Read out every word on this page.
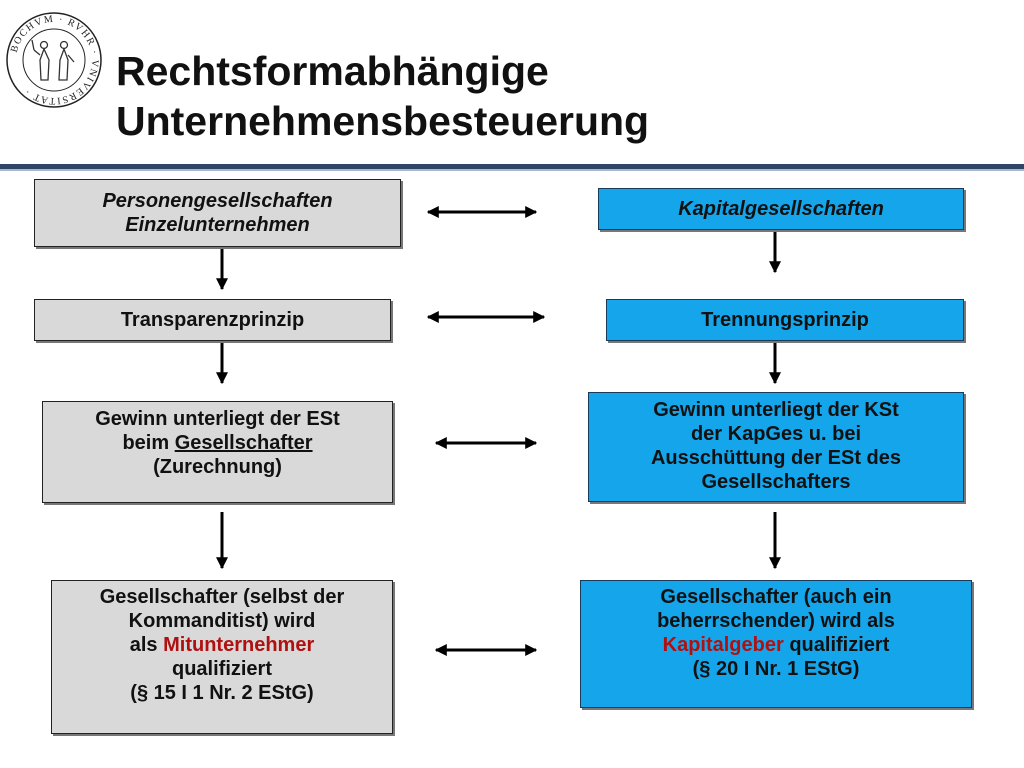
BOCHVM · RVHR · VNIVERSITAT ·	Rechtsformabhängige
Unternehmensbesteuerung
Personengesellschaften
Einzelunternehmen
Transparenzprinzip
Gewinn unterliegt der ESt
beim Gesellschafter
(Zurechnung)
Gesellschafter (selbst der
Kommanditist) wird
als Mitunternehmer
qualifiziert
(§ 15 I 1 Nr. 2 EStG)
Kapitalgesellschaften
Trennungsprinzip
Gewinn unterliegt der KSt
der KapGes u. bei
Ausschüttung der ESt des
Gesellschafters
Gesellschafter (auch ein
beherrschender) wird als
Kapitalgeber qualifiziert
(§ 20 I Nr. 1 EStG)
